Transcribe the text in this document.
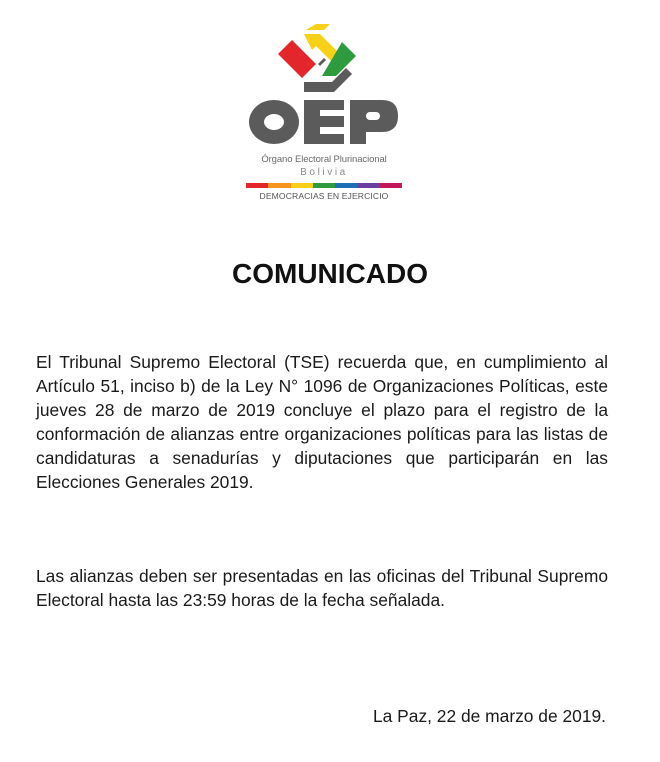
Órgano Electoral Plurinacional
Bolivia
DEMOCRACIAS EN EJERCICIO
COMUNICADO

El Tribunal Supremo Electoral (TSE) recuerda que, en cumplimiento al Artículo 51, inciso b) de la Ley N° 1096 de Organizaciones Políticas, este jueves 28 de marzo de 2019 concluye el plazo para el registro de la conformación de alianzas entre organizaciones políticas para las listas de candidaturas a senadurías y diputaciones que participarán en las Elecciones Generales 2019.

Las alianzas deben ser presentadas en las oficinas del Tribunal Supremo Electoral hasta las 23:59 horas de la fecha señalada.

La Paz, 22 de marzo de 2019.
